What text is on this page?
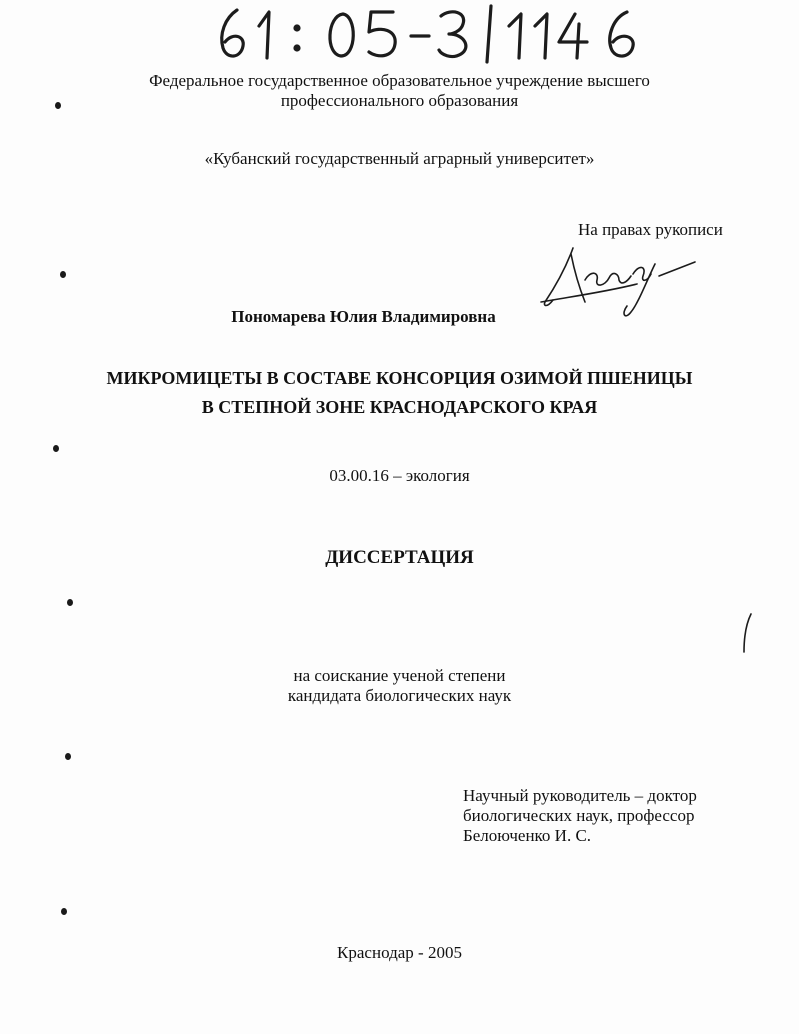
Федеральное государственное образовательное учреждение высшего
профессионального образования
«Кубанский государственный аграрный университет»
На правах рукописи
Пономарева Юлия Владимировна
МИКРОМИЦЕТЫ В СОСТАВЕ КОНСОРЦИЯ ОЗИМОЙ ПШЕНИЦЫ
В СТЕПНОЙ ЗОНЕ КРАСНОДАРСКОГО КРАЯ
03.00.16 – экология
ДИССЕРТАЦИЯ
на соискание ученой степени
кандидата биологических наук
Научный руководитель – доктор
биологических наук, профессор
Белоюченко И. С.
Краснодар - 2005
